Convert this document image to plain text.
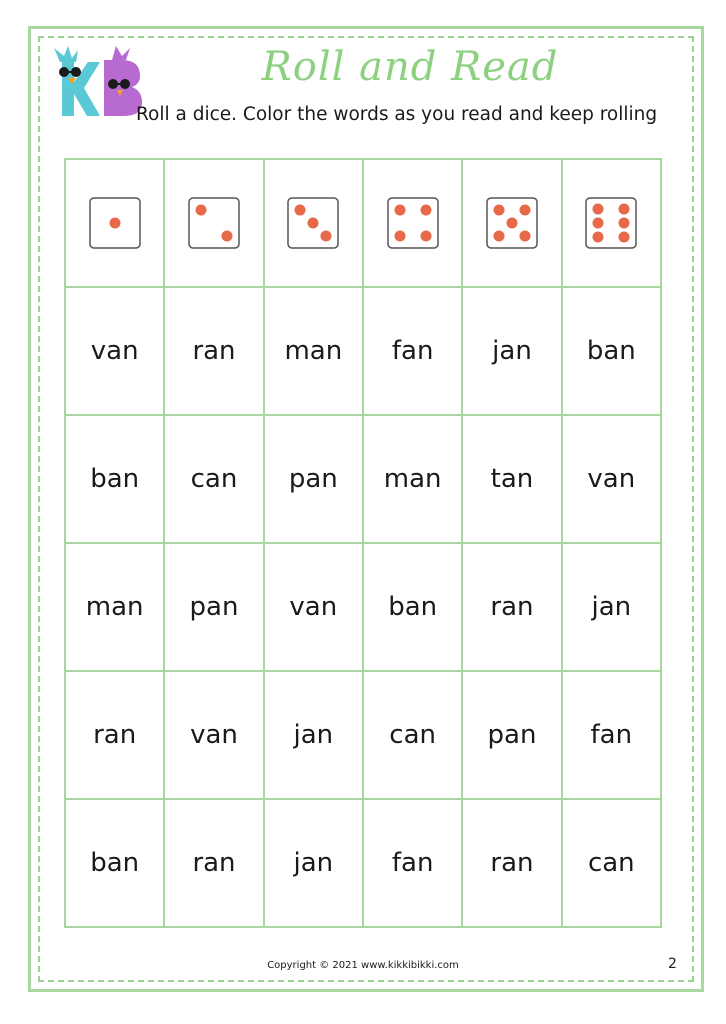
Roll and Read
Roll a dice. Color the words as you read and keep rolling

van	ran	man	fan	jan	ban
ban	can	pan	man	tan	van
man	pan	van	ban	ran	jan
ran	van	jan	can	pan	fan
ban	ran	jan	fan	ran	can
Copyright © 2021 www.kikkibikki.com	2
